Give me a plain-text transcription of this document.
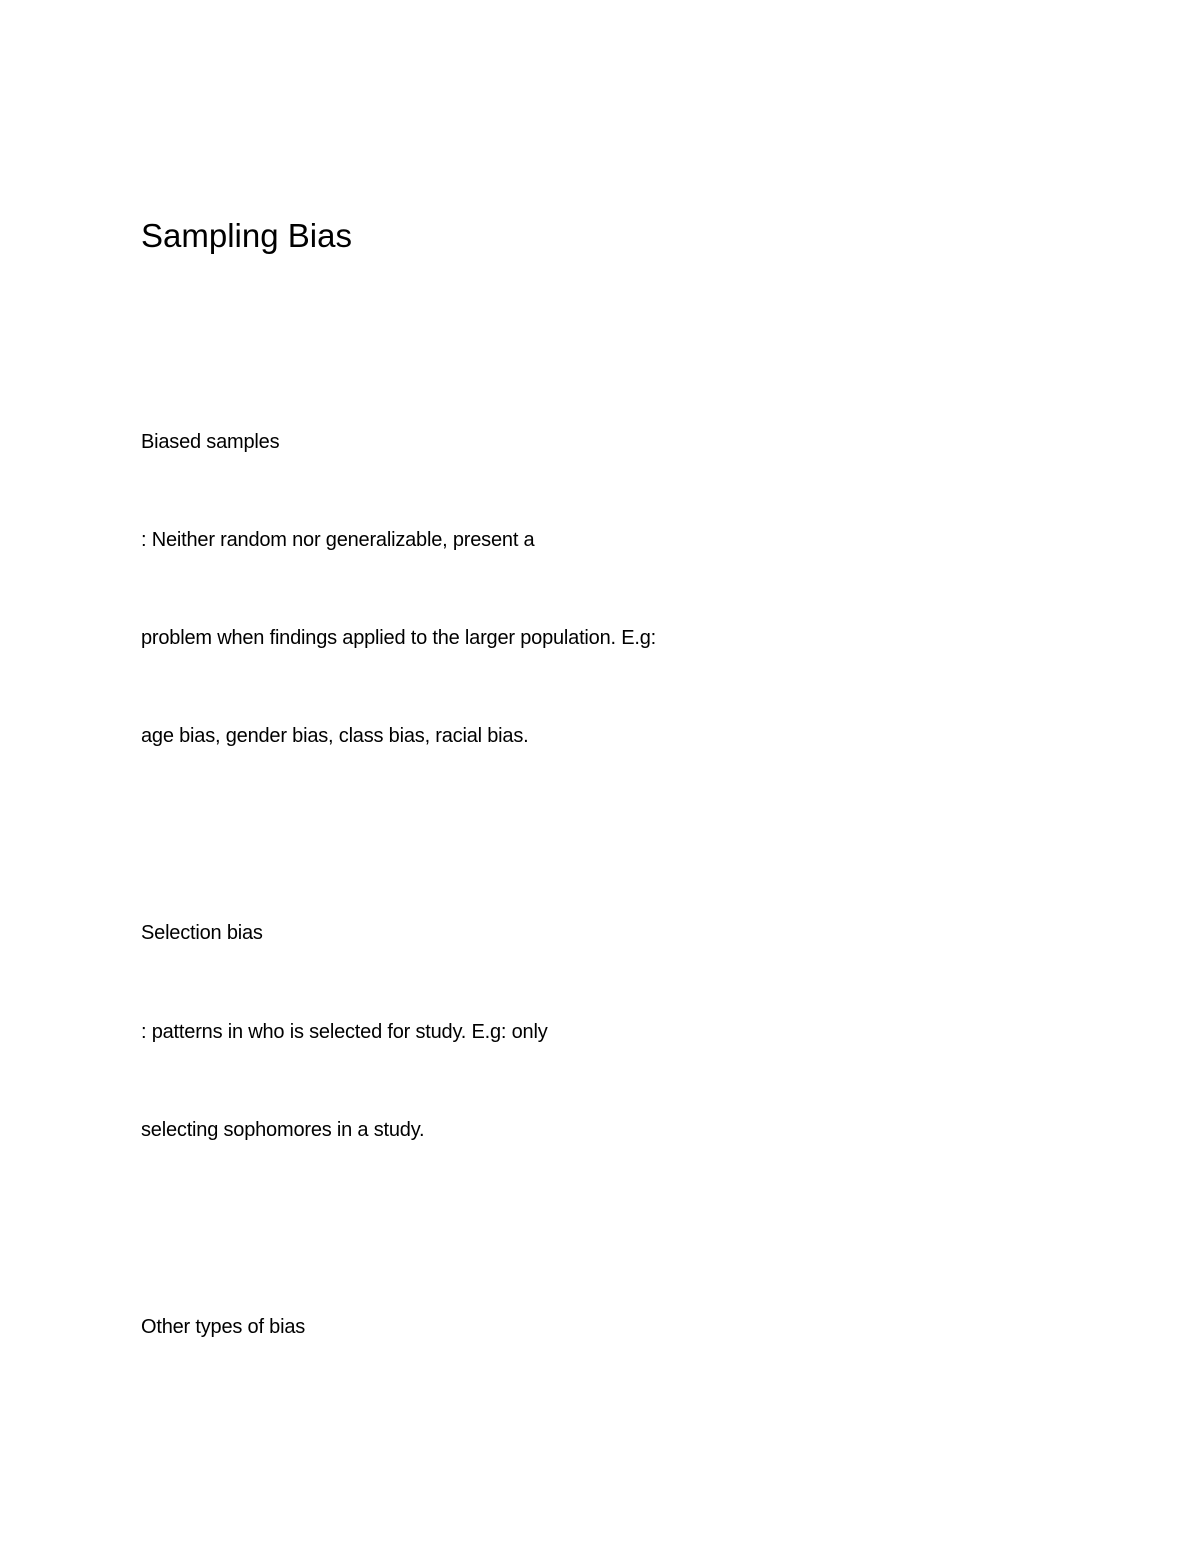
Sampling Bias
Biased samples
: Neither random nor generalizable, present a
problem when findings applied to the larger population. E.g:
age bias, gender bias, class bias, racial bias.
Selection bias
: patterns in who is selected for study. E.g: only
selecting sophomores in a study.
Other types of bias
